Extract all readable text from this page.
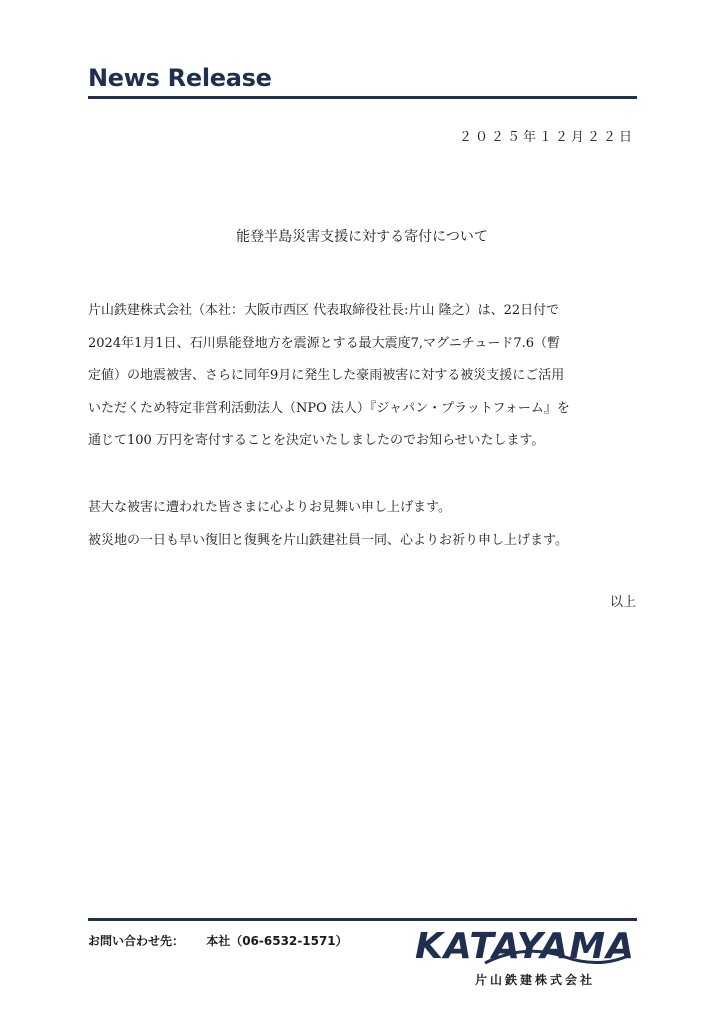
News Release
２０２５年１２月２２日
能登半島災害支援に対する寄付について

片山鉄建株式会社（本社：大阪市西区 代表取締役社長:片山 隆之）は、22日付で
2024年1月1日、石川県能登地方を震源とする最大震度7,マグニチュード7.6（暫
定値）の地震被害、さらに同年9月に発生した豪雨被害に対する被災支援にご活用
いただくため特定非営利活動法人（NPO 法人）『ジャパン・プラットフォーム』を
通じて100 万円を寄付することを決定いたしましたのでお知らせいたします。

甚大な被害に遭われた皆さまに心よりお見舞い申し上げます。
被災地の一日も早い復旧と復興を片山鉄建社員一同、心よりお祈り申し上げます。

以上
お問い合わせ先： 本社（06-6532-1571） KATAYAMA
片山鉄建株式会社
